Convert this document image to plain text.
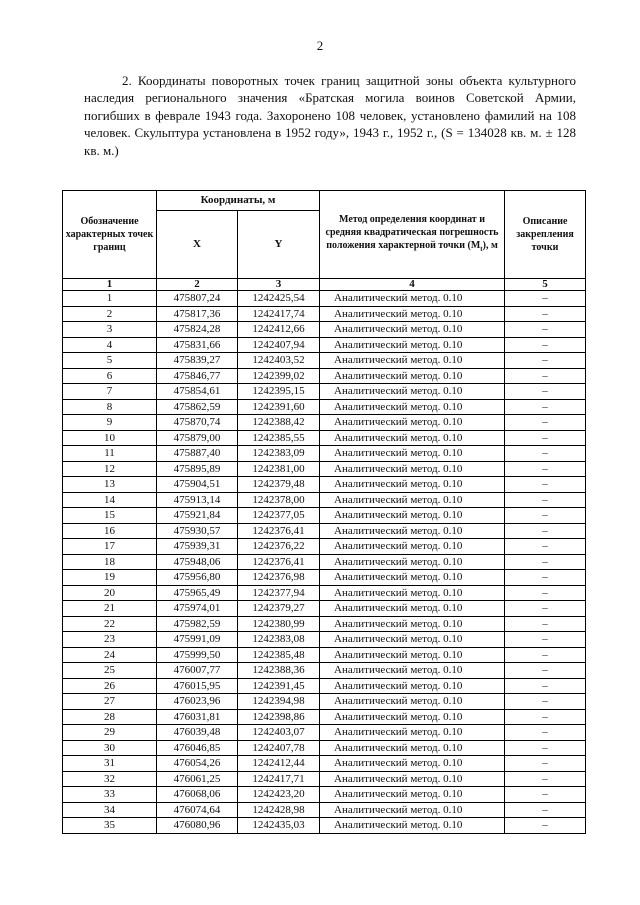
2
2. Координаты поворотных точек границ защитной зоны объекта культурного наследия регионального значения «Братская могила воинов Советской Армии, погибших в феврале 1943 года. Захоронено 108 человек, установлено фамилий на 108 человек. Скульптура установлена в 1952 году», 1943 г., 1952 г., (S = 134028 кв. м. ± 128 кв. м.)
Обозначение характерных точек границ	Координаты, м		Метод определения координат и средняя квадратическая погрешность положения характерной точки $(M_t)$, м	Описание закрепления точки
	X	Y		
1	2	3	4	5
1	475807,24	1242425,54	Аналитический метод. 0.10	–
2	475817,36	1242417,74	Аналитический метод. 0.10	–
3	475824,28	1242412,66	Аналитический метод. 0.10	–
4	475831,66	1242407,94	Аналитический метод. 0.10	–
5	475839,27	1242403,52	Аналитический метод. 0.10	–
6	475846,77	1242399,02	Аналитический метод. 0.10	–
7	475854,61	1242395,15	Аналитический метод. 0.10	–
8	475862,59	1242391,60	Аналитический метод. 0.10	–
9	475870,74	1242388,42	Аналитический метод. 0.10	–
10	475879,00	1242385,55	Аналитический метод. 0.10	–
11	475887,40	1242383,09	Аналитический метод. 0.10	–
12	475895,89	1242381,00	Аналитический метод. 0.10	–
13	475904,51	1242379,48	Аналитический метод. 0.10	–
14	475913,14	1242378,00	Аналитический метод. 0.10	–
15	475921,84	1242377,05	Аналитический метод. 0.10	–
16	475930,57	1242376,41	Аналитический метод. 0.10	–
17	475939,31	1242376,22	Аналитический метод. 0.10	–
18	475948,06	1242376,41	Аналитический метод. 0.10	–
19	475956,80	1242376,98	Аналитический метод. 0.10	–
20	475965,49	1242377,94	Аналитический метод. 0.10	–
21	475974,01	1242379,27	Аналитический метод. 0.10	–
22	475982,59	1242380,99	Аналитический метод. 0.10	–
23	475991,09	1242383,08	Аналитический метод. 0.10	–
24	475999,50	1242385,48	Аналитический метод. 0.10	–
25	476007,77	1242388,36	Аналитический метод. 0.10	–
26	476015,95	1242391,45	Аналитический метод. 0.10	–
27	476023,96	1242394,98	Аналитический метод. 0.10	–
28	476031,81	1242398,86	Аналитический метод. 0.10	–
29	476039,48	1242403,07	Аналитический метод. 0.10	–
30	476046,85	1242407,78	Аналитический метод. 0.10	–
31	476054,26	1242412,44	Аналитический метод. 0.10	–
32	476061,25	1242417,71	Аналитический метод. 0.10	–
33	476068,06	1242423,20	Аналитический метод. 0.10	–
34	476074,64	1242428,98	Аналитический метод. 0.10	–
35	476080,96	1242435,03	Аналитический метод. 0.10	–
